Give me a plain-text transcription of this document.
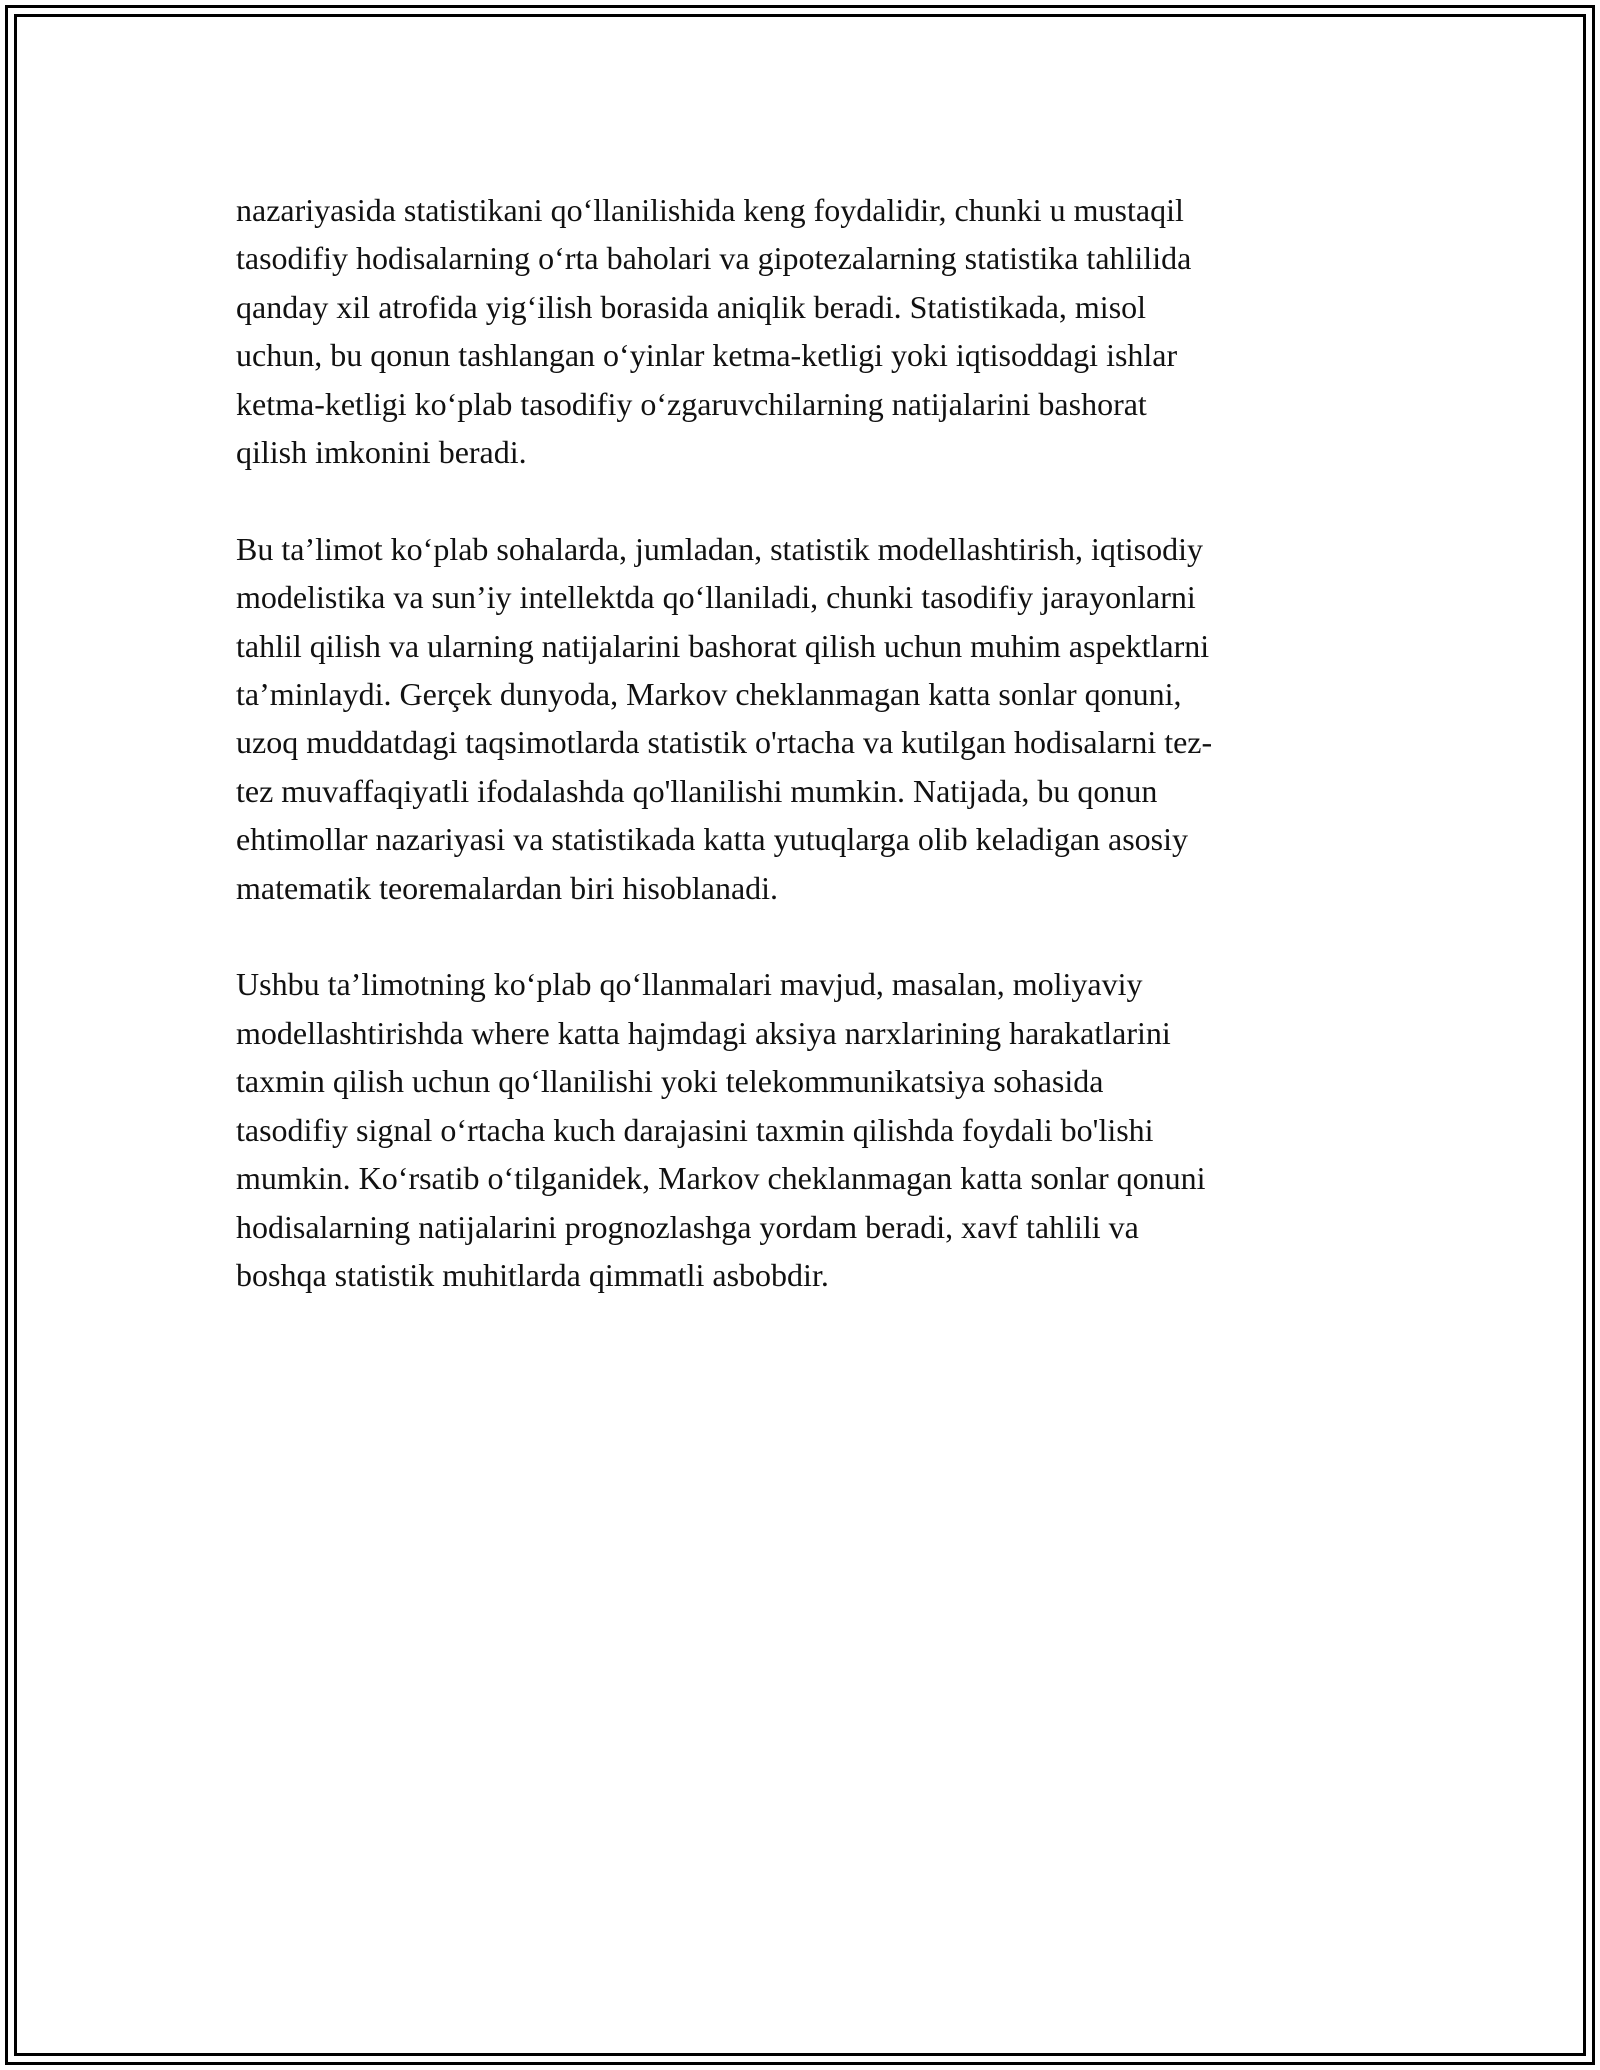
nazariyasida statistikani qo‘llanilishida keng foydalidir, chunki u mustaqil
tasodifiy hodisalarning o‘rta baholari va gipotezalarning statistika tahlilida
qanday xil atrofida yig‘ilish borasida aniqlik beradi. Statistikada, misol
uchun, bu qonun tashlangan o‘yinlar ketma-ketligi yoki iqtisoddagi ishlar
ketma-ketligi ko‘plab tasodifiy o‘zgaruvchilarning natijalarini bashorat
qilish imkonini beradi.

Bu ta’limot ko‘plab sohalarda, jumladan, statistik modellashtirish, iqtisodiy
modelistika va sun’iy intellektda qo‘llaniladi, chunki tasodifiy jarayonlarni
tahlil qilish va ularning natijalarini bashorat qilish uchun muhim aspektlarni
ta’minlaydi. Gerçek dunyoda, Markov cheklanmagan katta sonlar qonuni,
uzoq muddatdagi taqsimotlarda statistik o'rtacha va kutilgan hodisalarni tez-
tez muvaffaqiyatli ifodalashda qo'llanilishi mumkin. Natijada, bu qonun
ehtimollar nazariyasi va statistikada katta yutuqlarga olib keladigan asosiy
matematik teoremalardan biri hisoblanadi.

Ushbu ta’limotning ko‘plab qo‘llanmalari mavjud, masalan, moliyaviy
modellashtirishda where katta hajmdagi aksiya narxlarining harakatlarini
taxmin qilish uchun qo‘llanilishi yoki telekommunikatsiya sohasida
tasodifiy signal o‘rtacha kuch darajasini taxmin qilishda foydali bo'lishi
mumkin. Ko‘rsatib o‘tilganidek, Markov cheklanmagan katta sonlar qonuni
hodisalarning natijalarini prognozlashga yordam beradi, xavf tahlili va
boshqa statistik muhitlarda qimmatli asbobdir.
